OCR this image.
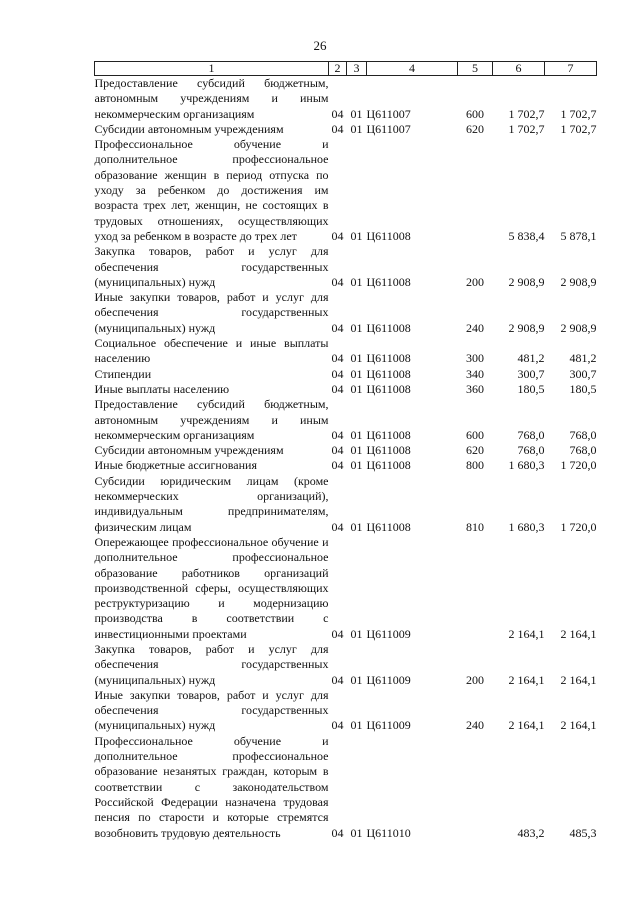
26
1	2	3	4	5	6	7
Предоставление субсидий бюджетным, автономным учреждениям и иным некоммерческим организациям	04	01	Ц611007	600	1 702,7	1 702,7
Субсидии автономным учреждениям	04	01	Ц611007	620	1 702,7	1 702,7
Профессиональное обучение и дополнительное профессиональное образование женщин в период отпуска по уходу за ребенком до достижения им возраста трех лет, женщин, не состоящих в трудовых отношениях, осуществляющих уход за ребенком в возрасте до трех лет	04	01	Ц611008		5 838,4	5 878,1
Закупка товаров, работ и услуг для обеспечения государственных (муниципальных) нужд	04	01	Ц611008	200	2 908,9	2 908,9
Иные закупки товаров, работ и услуг для обеспечения государственных (муниципальных) нужд	04	01	Ц611008	240	2 908,9	2 908,9
Социальное обеспечение и иные выплаты населению	04	01	Ц611008	300	481,2	481,2
Стипендии	04	01	Ц611008	340	300,7	300,7
Иные выплаты населению	04	01	Ц611008	360	180,5	180,5
Предоставление субсидий бюджетным, автономным учреждениям и иным некоммерческим организациям	04	01	Ц611008	600	768,0	768,0
Субсидии автономным учреждениям	04	01	Ц611008	620	768,0	768,0
Иные бюджетные ассигнования	04	01	Ц611008	800	1 680,3	1 720,0
Субсидии юридическим лицам (кроме некоммерческих организаций), индивидуальным предпринимателям, физическим лицам	04	01	Ц611008	810	1 680,3	1 720,0
Опережающее профессиональное обучение и дополнительное профессиональное образование работников организаций производственной сферы, осуществляющих реструктуризацию и модернизацию производства в соответствии с инвестиционными проектами	04	01	Ц611009		2 164,1	2 164,1
Закупка товаров, работ и услуг для обеспечения государственных (муниципальных) нужд	04	01	Ц611009	200	2 164,1	2 164,1
Иные закупки товаров, работ и услуг для обеспечения государственных (муниципальных) нужд	04	01	Ц611009	240	2 164,1	2 164,1
Профессиональное обучение и дополнительное профессиональное образование незанятых граждан, которым в соответствии с законодательством Российской Федерации назначена трудовая пенсия по старости и которые стремятся возобновить трудовую деятельность	04	01	Ц611010		483,2	485,3
